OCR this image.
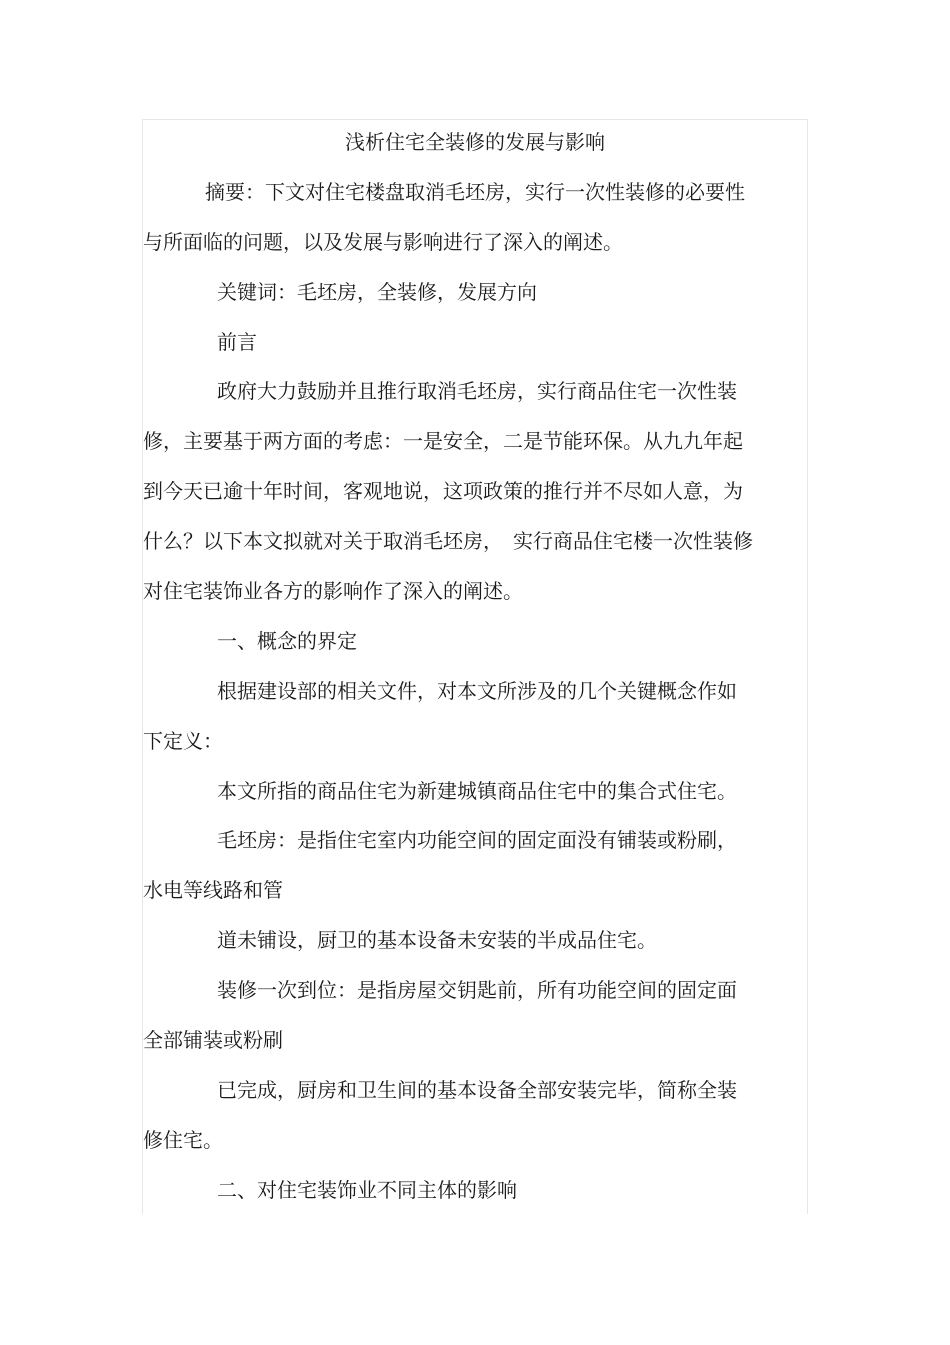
浅析住宅全装修的发展与影响
摘要：下文对住宅楼盘取消毛坯房，实行一次性装修的必要性
与所面临的问题，以及发展与影响进行了深入的阐述。
关键词：毛坯房，全装修，发展方向
前言
政府大力鼓励并且推行取消毛坯房，实行商品住宅一次性装
修，主要基于两方面的考虑：一是安全，二是节能环保。从九九年起
到今天已逾十年时间，客观地说，这项政策的推行并不尽如人意，为
什么？以下本文拟就对关于取消毛坯房，　实行商品住宅楼一次性装修
对住宅装饰业各方的影响作了深入的阐述。
一、概念的界定
根据建设部的相关文件，对本文所涉及的几个关键概念作如
下定义：
本文所指的商品住宅为新建城镇商品住宅中的集合式住宅。
毛坯房：是指住宅室内功能空间的固定面没有铺装或粉刷，
水电等线路和管
道未铺设，厨卫的基本设备未安装的半成品住宅。
装修一次到位：是指房屋交钥匙前，所有功能空间的固定面
全部铺装或粉刷
已完成，厨房和卫生间的基本设备全部安装完毕，简称全装
修住宅。
二、对住宅装饰业不同主体的影响
